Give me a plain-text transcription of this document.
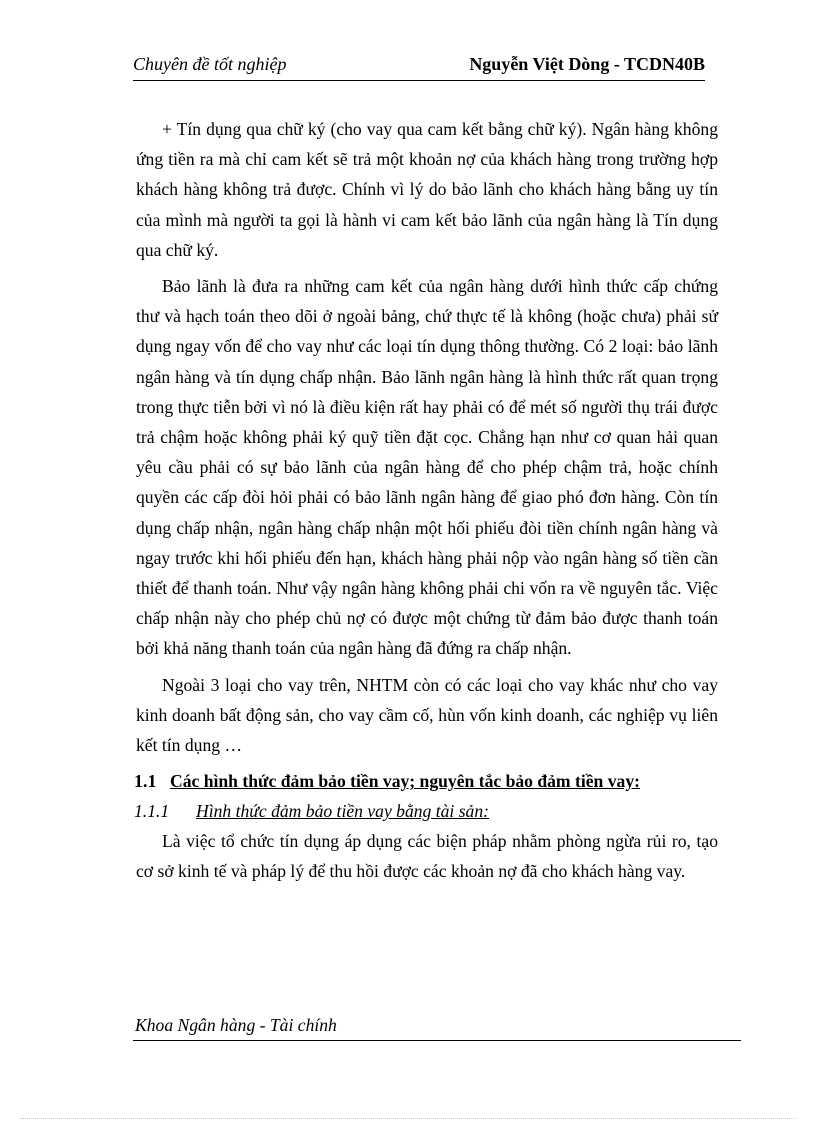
Chuyên đề tốt nghiệp	Nguyễn Việt Dòng - TCDN40B

+ Tín dụng qua chữ ký (cho vay qua cam kết bằng chữ ký). Ngân hàng không ứng tiền ra mà chỉ cam kết sẽ trả một khoản nợ của khách hàng trong trường hợp khách hàng không trả được. Chính vì lý do bảo lãnh cho khách hàng bằng uy tín của mình mà người ta gọi là hành vi cam kết bảo lãnh của ngân hàng là Tín dụng qua chữ ký.

Bảo lãnh là đưa ra những cam kết của ngân hàng dưới hình thức cấp chứng thư và hạch toán theo dõi ở ngoài bảng, chứ thực tế là không (hoặc chưa) phải sử dụng ngay vốn để cho vay như các loại tín dụng thông thường. Có 2 loại: bảo lãnh ngân hàng và tín dụng chấp nhận. Bảo lãnh ngân hàng là hình thức rất quan trọng trong thực tiễn bởi vì nó là điều kiện rất hay phải có để mét số người thụ trái được trả chậm hoặc không phải ký quỹ tiền đặt cọc. Chẳng hạn như cơ quan hải quan yêu cầu phải có sự bảo lãnh của ngân hàng để cho phép chậm trả, hoặc chính quyền các cấp đòi hỏi phải có bảo lãnh ngân hàng để giao phó đơn hàng. Còn tín dụng chấp nhận, ngân hàng chấp nhận một hối phiếu đòi tiền chính ngân hàng và ngay trước khi hối phiếu đến hạn, khách hàng phải nộp vào ngân hàng số tiền cần thiết để thanh toán. Như vậy ngân hàng không phải chi vốn ra về nguyên tắc. Việc chấp nhận này cho phép chủ nợ có được một chứng từ đảm bảo được thanh toán bởi khả năng thanh toán của ngân hàng đã đứng ra chấp nhận.

Ngoài 3 loại cho vay trên, NHTM còn có các loại cho vay khác như cho vay kinh doanh bất động sản, cho vay cầm cố, hùn vốn kinh doanh, các nghiệp vụ liên kết tín dụng …

1.1 Các hình thức đảm bảo tiền vay; nguyên tắc bảo đảm tiền vay:
1.1.1	Hình thức đảm bảo tiền vay bằng tài sản:

Là việc tổ chức tín dụng áp dụng các biện pháp nhằm phòng ngừa rủi ro, tạo cơ sở kinh tế và pháp lý để thu hồi được các khoản nợ đã cho khách hàng vay.

Khoa Ngân hàng - Tài chính
